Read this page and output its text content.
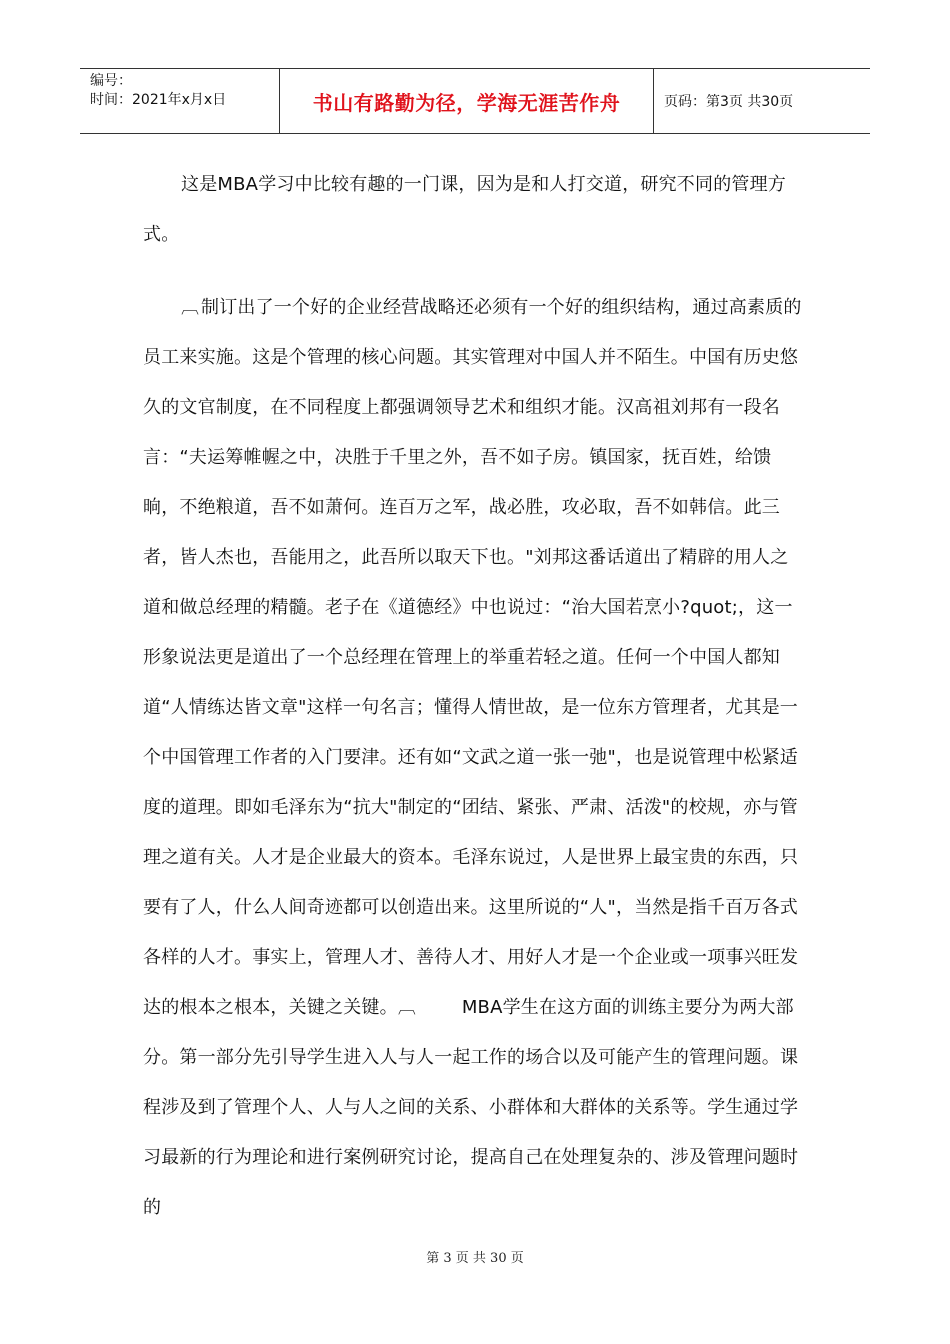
编号：
时间：2021年x月x日	书山有路勤为径，学海无涯苦作舟	页码：第3页 共30页
这是MBA学习中比较有趣的一门课，因为是和人打交道，研究不同的管理方式。
︹制订出了一个好的企业经营战略还必须有一个好的组织结构，通过高素质的员工来实施。这是个管理的核心问题。其实管理对中国人并不陌生。中国有历史悠久的文官制度，在不同程度上都强调领导艺术和组织才能。汉高祖刘邦有一段名言：“夫运筹帷幄之中，决胜于千里之外，吾不如子房。镇国家，抚百姓，给馈晌，不绝粮道，吾不如萧何。连百万之军，战必胜，攻必取，吾不如韩信。此三者，皆人杰也，吾能用之，此吾所以取天下也。"刘邦这番话道出了精辟的用人之道和做总经理的精髓。老子在《道德经》中也说过：“治大国若烹小?quot;，这一形象说法更是道出了一个总经理在管理上的举重若轻之道。任何一个中国人都知道“人情练达皆文章"这样一句名言；懂得人情世故，是一位东方管理者，尤其是一个中国管理工作者的入门要津。还有如“文武之道一张一弛"，也是说管理中松紧适度的道理。即如毛泽东为“抗大"制定的“团结、紧张、严肃、活泼"的校规，亦与管理之道有关。人才是企业最大的资本。毛泽东说过，人是世界上最宝贵的东西，只要有了人，什么人间奇迹都可以创造出来。这里所说的“人"，当然是指千百万各式各样的人才。事实上，管理人才、善待人才、用好人才是一个企业或一项事兴旺发达的根本之根本，关键之关键。︹	MBA学生在这方面的训练主要分为两大部分。第一部分先引导学生进入人与人一起工作的场合以及可能产生的管理问题。课程涉及到了管理个人、人与人之间的关系、小群体和大群体的关系等。学生通过学习最新的行为理论和进行案例研究讨论，提高自己在处理复杂的、涉及管理问题时的
第 3 页 共 30 页
